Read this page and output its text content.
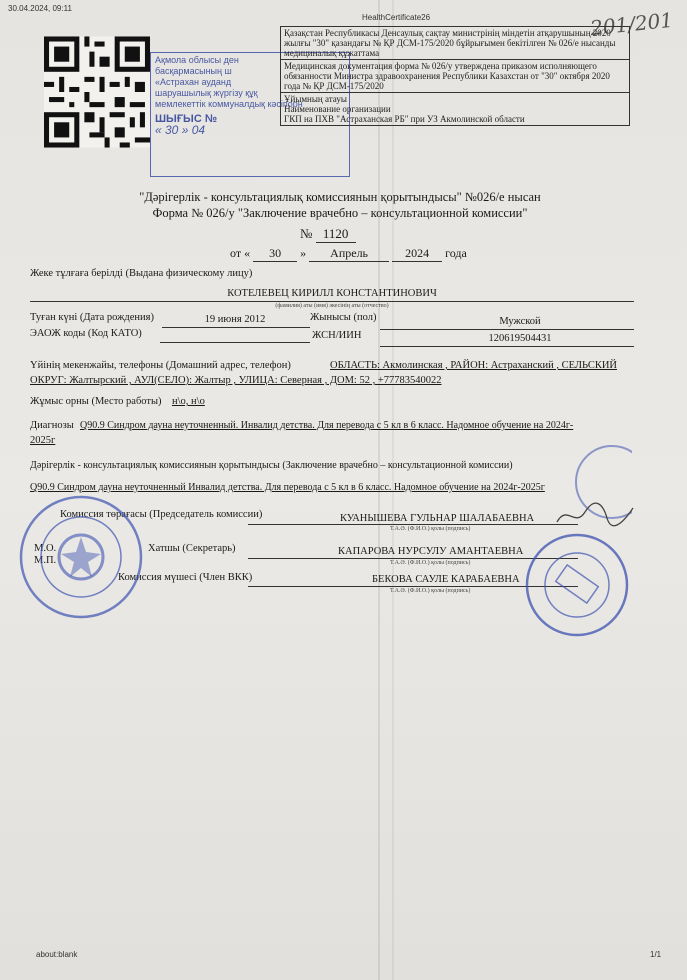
30.04.2024, 09:11
HealthCertificate26	201/201
Ақмола облысы ден
басқармасының ш
«Астрахан ауданд
шаруашылық жүргізу құқ
мемлекеттік коммуналдық кәсіпорн
ШЫҒЫС №
« 30 » 04
Қазақстан Республикасы Денсаулық сақтау министрінің міндетін атқарушының 2020 жылғы "30" қазандағы № ҚР ДСМ-175/2020 бұйрығымен бекітілген № 026/е нысанды медициналық құжаттама
Медицинская документация форма № 026/у утверждена приказом исполняющего обязанности Министра здравоохранения Республики Казахстан от "30" октября 2020 года № ҚР ДСМ-175/2020
Ұйымның атауы
Наименование организации
ГКП на ПХВ "Астраханская РБ" при УЗ Акмолинской области
"Дәрігерлік - консультациялық комиссиянын қорытындысы" №026/е нысан
Форма № 026/у "Заключение врачебно – консультационной комиссии"
№ 1120
от « 30 » Апрель	2024 года
Жеке тұлғаға берілді (Выдана физическому лицу)
КОТЕЛЕВЕЦ КИРИЛЛ КОНСТАНТИНОВИЧ
(фамилия) аты (имя) әкесінің аты (отчество)
Туған күні (Дата рождения)	19 июня 2012	Жынысы (пол)	Мужской
ЭАОЖ коды (Код КАТО)	ЖСН/ИИН	120619504431
Үйінің мекенжайы, телефоны (Домашний адрес, телефон)	ОБЛАСТЬ: Акмолинская , РАЙОН: Астраханский , СЕЛЬСКИЙ
ОКРУГ: Жалтырский , АУЛ(СЕЛО): Жалтыр , УЛИЦА: Северная , ДОМ: 52 , +77783540022
Жұмыс орны (Место работы) н\о, н\о
Диагнозы Q90.9 Синдром дауна неуточненный. Инвалид детства. Для перевода с 5 кл в 6 класс. Надомное обучение на 2024г-
2025г
Дәрігерлік - консультациялық комиссиянын қорытындысы (Заключение врачебно – консультационной комиссии)
Q90.9 Синдром дауна неуточненный Инвалид детства. Для перевода с 5 кл в 6 класс. Надомное обучение на 2024г-2025г
Комиссия төрағасы (Председатель комиссии)	КУАНЫШЕВА ГУЛЬНАР ШАЛАБАЕВНА
Т.А.Ә. (Ф.И.О.) қолы (подпись)
М.О.
М.П.
Хатшы (Секретарь)	КАПАРОВА НУРСУЛУ АМАНТАЕВНА
Т.А.Ә. (Ф.И.О.) қолы (подпись)
Комиссия мүшесі (Член ВКК)	БЕКОВА САУЛЕ КАРАБАЕВНА
Т.А.Ә. (Ф.И.О.) қолы (подпись)
about:blank	1/1
